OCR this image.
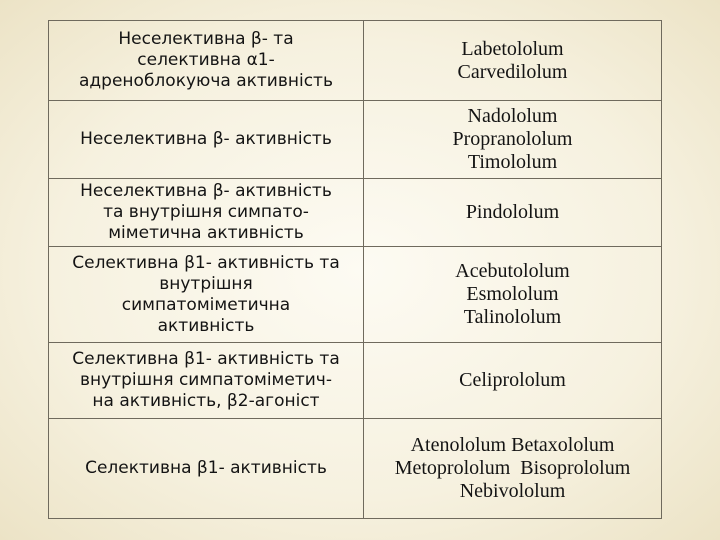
Неселективна β- та
селективна α1-
адреноблокуюча активність	Labetololum
Carvedilolum

Неселективна β- активність	Nadololum
Propranololum
Timololum

Неселективна β- активність
та внутрішня симпато-
міметична активність	Pindololum

Селективна β1- активність та
внутрішня
симпатоміметична
активність	Acebutololum
Esmololum
Talinololum

Селективна β1- активність та
внутрішня симпатоміметич-
на активність, β2-агоніст	Celiprololum

Селективна β1- активність	Atenololum Betaxololum
Metoprololum  Bisoprololum
Nebivololum
